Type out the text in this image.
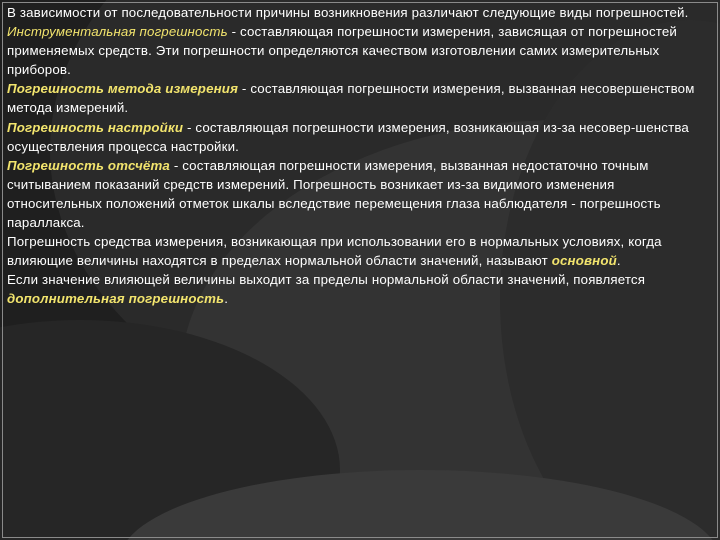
В зависимости от последовательности причины возникновения различают следующие виды погрешностей.
Инструментальная погрешность - составляющая погрешности измерения, зависящая от погрешностей применяемых средств. Эти погрешности определяются качеством изготовлении самих измерительных приборов.
Погрешность метода измерения - составляющая погрешности измерения, вызванная несовершенством метода измерений.
Погрешность настройки - составляющая погрешности измерения, возникающая из-за несовер-шенства осуществления процесса настройки.
Погрешность отсчёта - составляющая погрешности измерения, вызванная недостаточно точным считыванием показаний средств измерений. Погрешность возникает из-за видимого изменения относительных положений отметок шкалы вследствие перемещения глаза наблюдателя - погрешность параллакса.
Погрешность средства измерения, возникающая при использовании его в нормальных условиях, когда влияющие величины находятся в пределах нормальной области значений, называют основной.
Если значение влияющей величины выходит за пределы нормальной области значений, появляется дополнительная погрешность.
